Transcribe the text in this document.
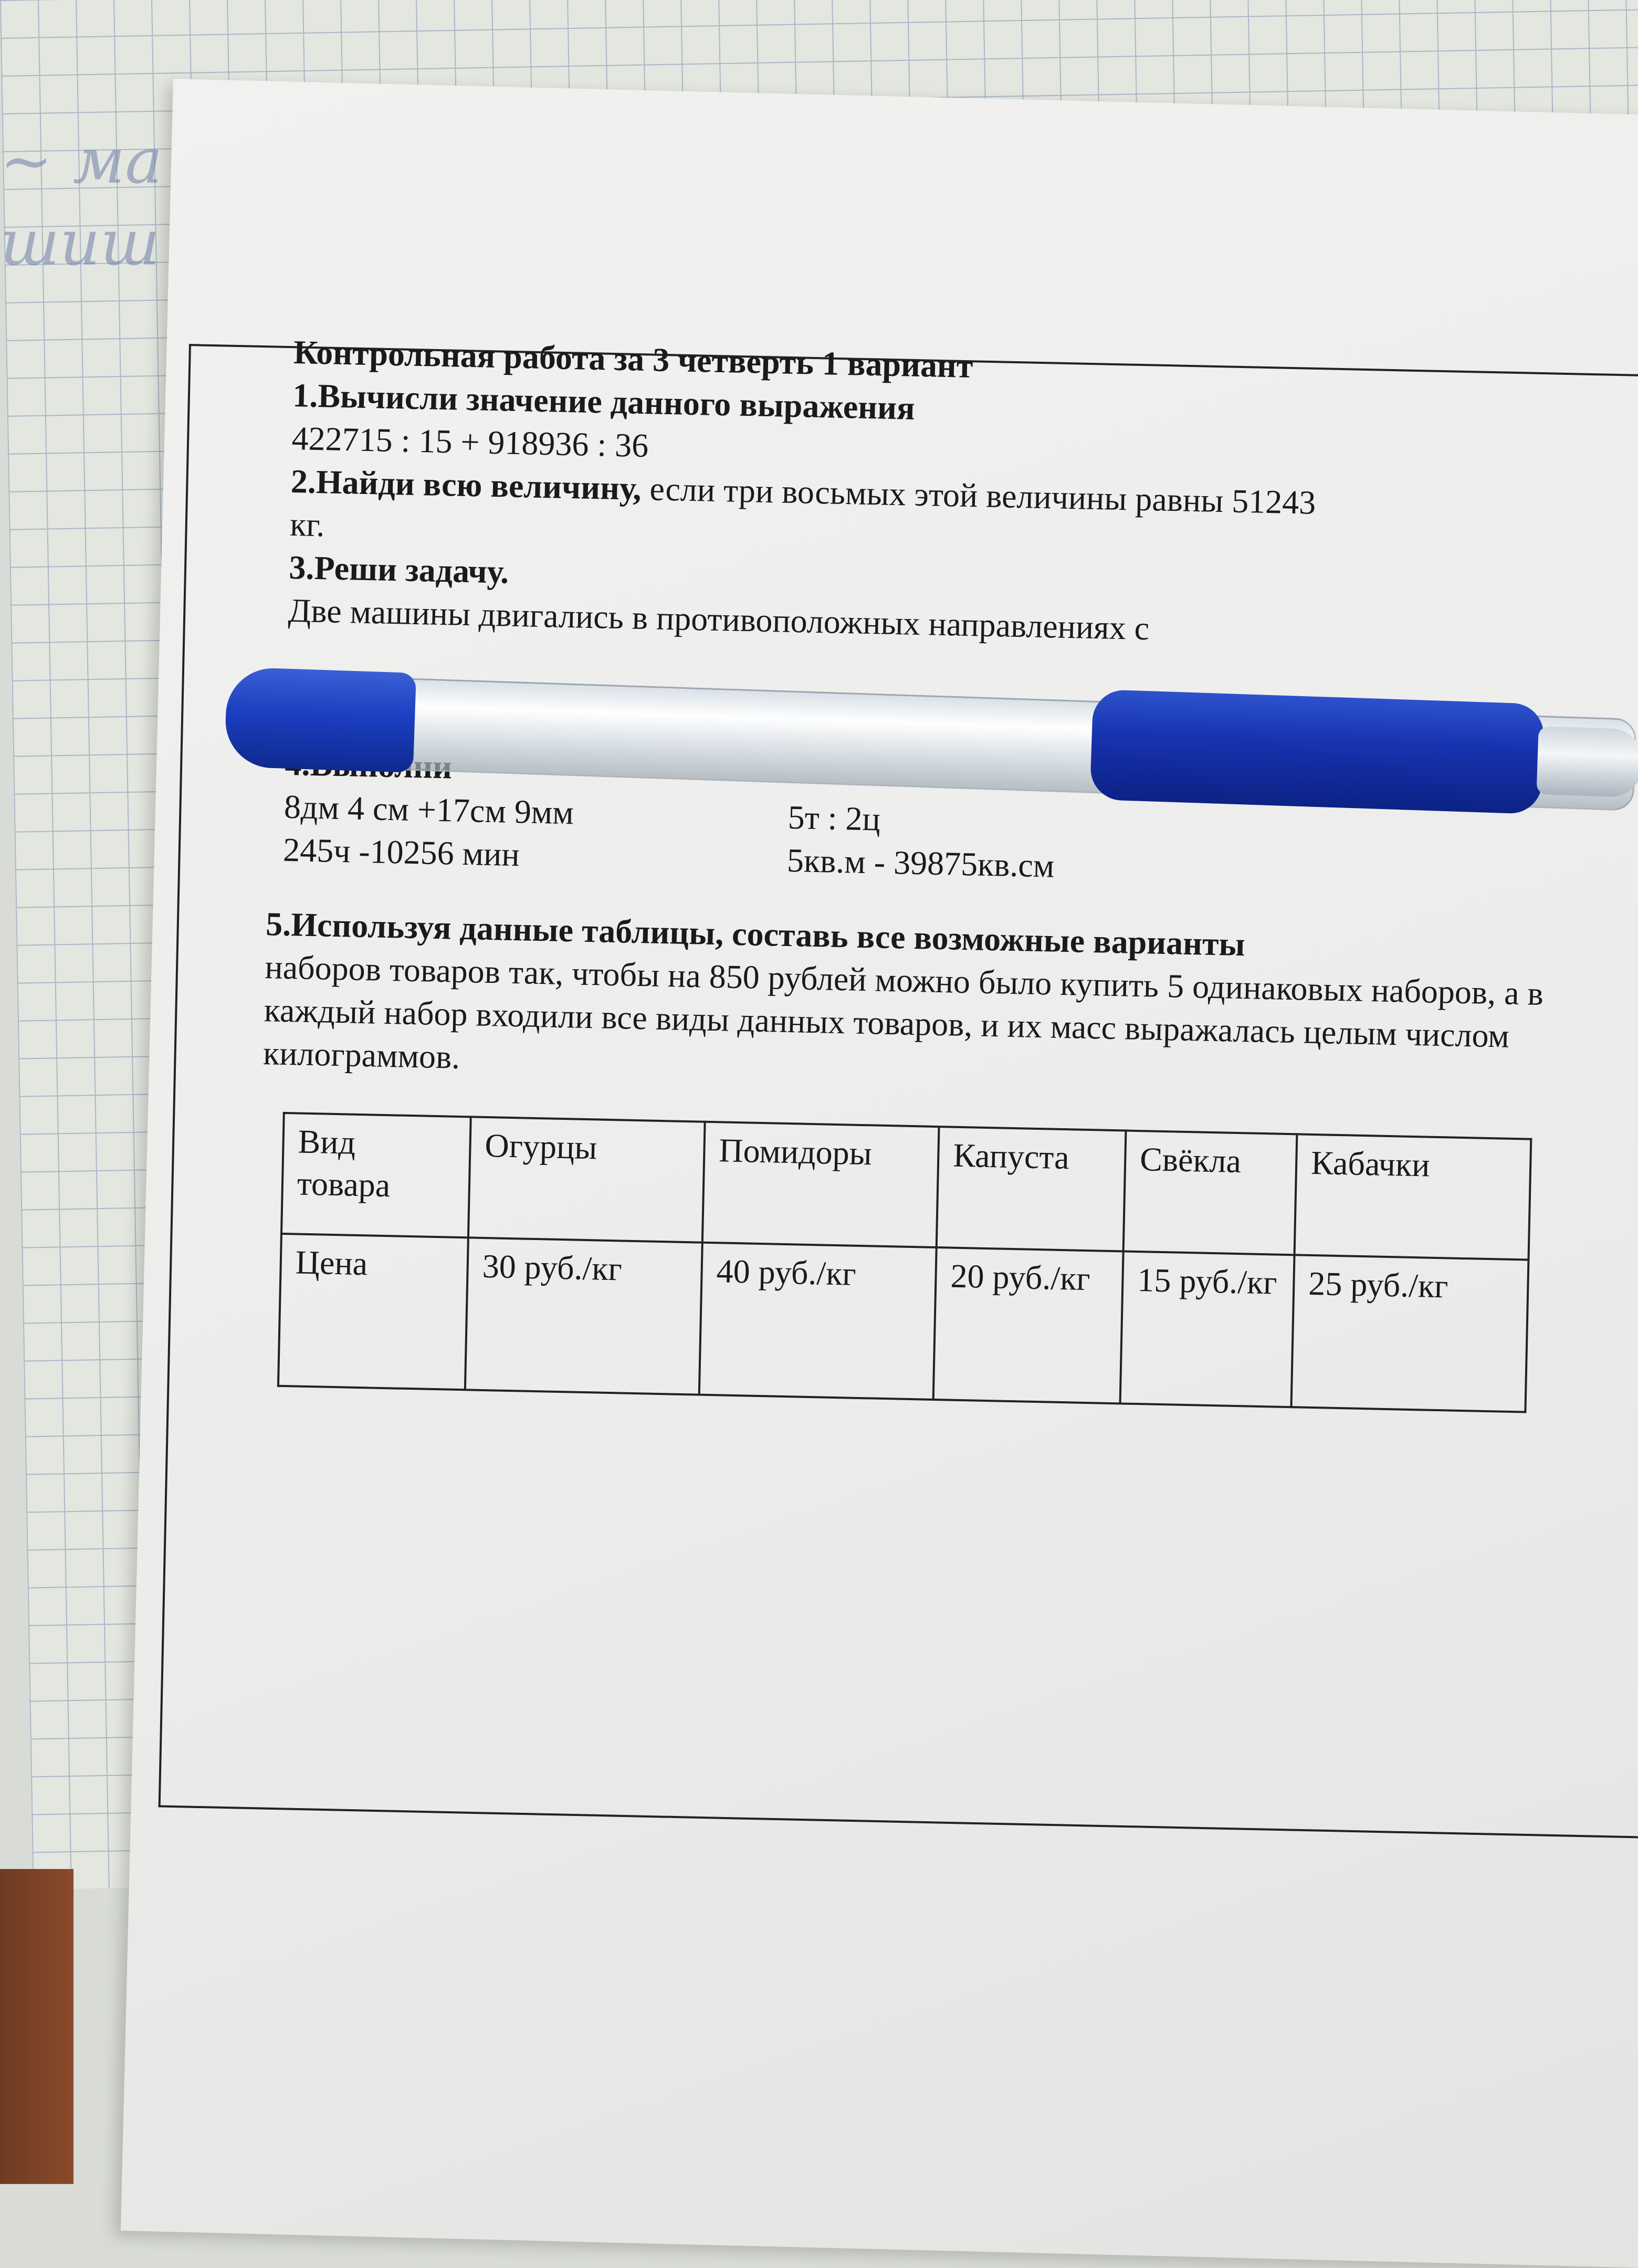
~ ма
шиш
Контрольная работа за 3 четверть 1 вариант
1.Вычисли значение данного выражения
422715 : 15 + 918936 : 36
2.Найди всю величину, если три восьмых этой величины равны 51243
кг.
3.Реши задачу.
Две машины двигались в противоположных направлениях с
8дм 4 см +17см 9мм	5т : 2ц
245ч -10256 мин	5кв.м - 39875кв.см
5.Используя данные таблицы, составь все возможные варианты
наборов товаров так, чтобы на 850 рублей можно было купить 5 одинаковых наборов, а в каждый набор входили все виды данных товаров, и их масс выражалась целым числом килограммов.
Вид товара	Огурцы	Помидоры	Капуста	Свёкла	Кабачки
Цена	30 руб./кг	40 руб./кг	20 руб./кг	15 руб./кг	25 руб./кг
